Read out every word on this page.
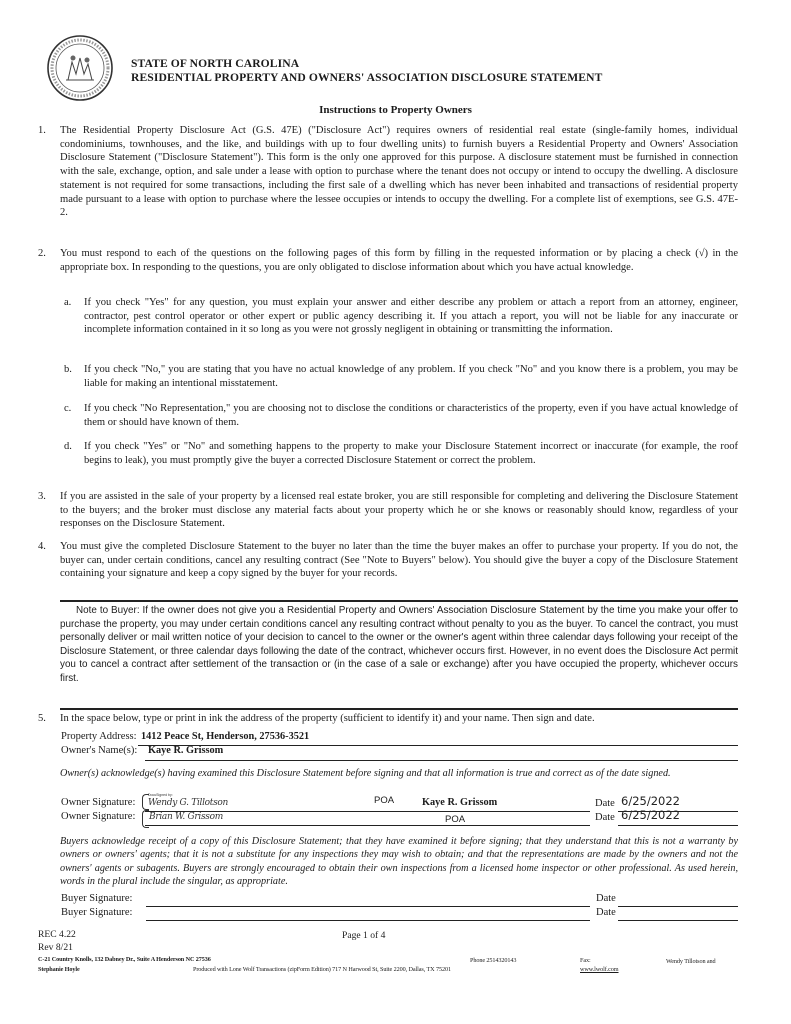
STATE OF NORTH CAROLINA
RESIDENTIAL PROPERTY AND OWNERS' ASSOCIATION DISCLOSURE STATEMENT
Instructions to Property Owners
1. The Residential Property Disclosure Act (G.S. 47E) ("Disclosure Act") requires owners of residential real estate (single-family homes, individual condominiums, townhouses, and the like, and buildings with up to four dwelling units) to furnish buyers a Residential Property and Owners' Association Disclosure Statement ("Disclosure Statement"). This form is the only one approved for this purpose. A disclosure statement must be furnished in connection with the sale, exchange, option, and sale under a lease with option to purchase where the tenant does not occupy or intend to occupy the dwelling. A disclosure statement is not required for some transactions, including the first sale of a dwelling which has never been inhabited and transactions of residential property made pursuant to a lease with option to purchase where the lessee occupies or intends to occupy the dwelling. For a complete list of exemptions, see G.S. 47E-2.
2. You must respond to each of the questions on the following pages of this form by filling in the requested information or by placing a check (√) in the appropriate box. In responding to the questions, you are only obligated to disclose information about which you have actual knowledge.
a. If you check "Yes" for any question, you must explain your answer and either describe any problem or attach a report from an attorney, engineer, contractor, pest control operator or other expert or public agency describing it. If you attach a report, you will not be liable for any inaccurate or incomplete information contained in it so long as you were not grossly negligent in obtaining or transmitting the information.
b. If you check "No," you are stating that you have no actual knowledge of any problem. If you check "No" and you know there is a problem, you may be liable for making an intentional misstatement.
c. If you check "No Representation," you are choosing not to disclose the conditions or characteristics of the property, even if you have actual knowledge of them or should have known of them.
d. If you check "Yes" or "No" and something happens to the property to make your Disclosure Statement incorrect or inaccurate (for example, the roof begins to leak), you must promptly give the buyer a corrected Disclosure Statement or correct the problem.
3. If you are assisted in the sale of your property by a licensed real estate broker, you are still responsible for completing and delivering the Disclosure Statement to the buyers; and the broker must disclose any material facts about your property which he or she knows or reasonably should know, regardless of your responses on the Disclosure Statement.
4. You must give the completed Disclosure Statement to the buyer no later than the time the buyer makes an offer to purchase your property. If you do not, the buyer can, under certain conditions, cancel any resulting contract (See "Note to Buyers" below). You should give the buyer a copy of the Disclosure Statement containing your signature and keep a copy signed by the buyer for your records.
Note to Buyer: If the owner does not give you a Residential Property and Owners' Association Disclosure Statement by the time you make your offer to purchase the property, you may under certain conditions cancel any resulting contract without penalty to you as the buyer. To cancel the contract, you must personally deliver or mail written notice of your decision to cancel to the owner or the owner's agent within three calendar days following your receipt of the Disclosure Statement, or three calendar days following the date of the contract, whichever occurs first. However, in no event does the Disclosure Act permit you to cancel a contract after settlement of the transaction or (in the case of a sale or exchange) after you have occupied the property, whichever occurs first.
5. In the space below, type or print in ink the address of the property (sufficient to identify it) and your name. Then sign and date.
Property Address: 1412 Peace St, Henderson, 27536-3521
Owner's Name(s): Kaye R. Grissom
Owner(s) acknowledge(s) having examined this Disclosure Statement before signing and that all information is true and correct as of the date signed.
Owner Signature:
DocuSigned by:
Wendy G. Tillotson	POA	Kaye R. Grissom	Date 6/25/2022
Owner Signature: Brian W. Grissom	POA	Date 6/25/2022
Buyers acknowledge receipt of a copy of this Disclosure Statement; that they have examined it before signing; that they understand that this is not a warranty by owners or owners' agents; that it is not a substitute for any inspections they may wish to obtain; and that the representations are made by the owners and not the owners' agents or subagents. Buyers are strongly encouraged to obtain their own inspections from a licensed home inspector or other professional. As used herein, words in the plural include the singular, as appropriate.
Buyer Signature:	Date
Buyer Signature:	Date
REC 4.22
Rev 8/21
Page 1 of 4
C-21 Country Knolls, 132 Dabney Dr., Suite A Henderson NC 27536
Stephanie Hoyle	Produced with Lone Wolf Transactions (zipForm Edition) 717 N Harwood St, Suite 2200, Dallas, TX 75201
Phone 2514320143	Fax:
www.lwolf.com
Wendy Tillotson and
